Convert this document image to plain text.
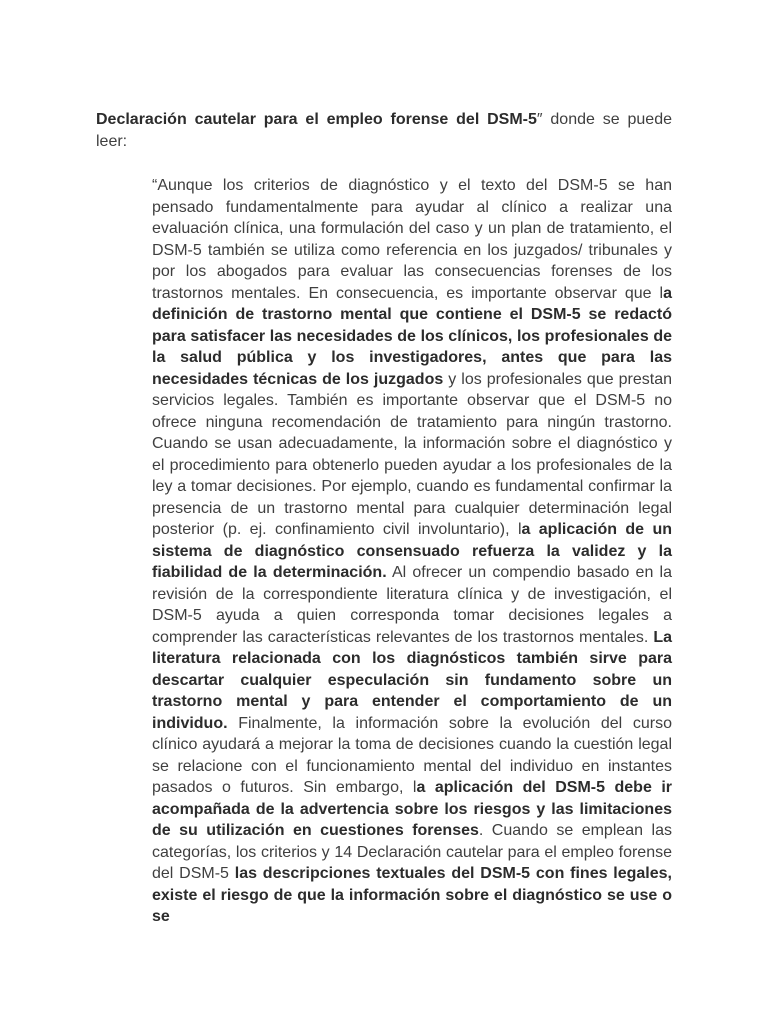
Declaración cautelar para el empleo forense del DSM-5″ donde se puede leer:

“Aunque los criterios de diagnóstico y el texto del DSM-5 se han pensado fundamentalmente para ayudar al clínico a realizar una evaluación clínica, una formulación del caso y un plan de tratamiento, el DSM-5 también se utiliza como referencia en los juzgados/ tribunales y por los abogados para evaluar las consecuencias forenses de los trastornos mentales. En consecuencia, es importante observar que la definición de trastorno mental que contiene el DSM-5 se redactó para satisfacer las necesidades de los clínicos, los profesionales de la salud pública y los investigadores, antes que para las necesidades técnicas de los juzgados y los profesionales que prestan servicios legales. También es importante observar que el DSM-5 no ofrece ninguna recomendación de tratamiento para ningún trastorno. Cuando se usan adecuadamente, la información sobre el diagnóstico y el procedimiento para obtenerlo pueden ayudar a los profesionales de la ley a tomar decisiones. Por ejemplo, cuando es fundamental confirmar la presencia de un trastorno mental para cualquier determinación legal posterior (p. ej. confinamiento civil involuntario), la aplicación de un sistema de diagnóstico consensuado refuerza la validez y la fiabilidad de la determinación. Al ofrecer un compendio basado en la revisión de la correspondiente literatura clínica y de investigación, el DSM-5 ayuda a quien corresponda tomar decisiones legales a comprender las características relevantes de los trastornos mentales. La literatura relacionada con los diagnósticos también sirve para descartar cualquier especulación sin fundamento sobre un trastorno mental y para entender el comportamiento de un individuo. Finalmente, la información sobre la evolución del curso clínico ayudará a mejorar la toma de decisiones cuando la cuestión legal se relacione con el funcionamiento mental del individuo en instantes pasados o futuros. Sin embargo, la aplicación del DSM-5 debe ir acompañada de la advertencia sobre los riesgos y las limitaciones de su utilización en cuestiones forenses. Cuando se emplean las categorías, los criterios y 14 Declaración cautelar para el empleo forense del DSM-5 las descripciones textuales del DSM-5 con fines legales, existe el riesgo de que la información sobre el diagnóstico se use o se
